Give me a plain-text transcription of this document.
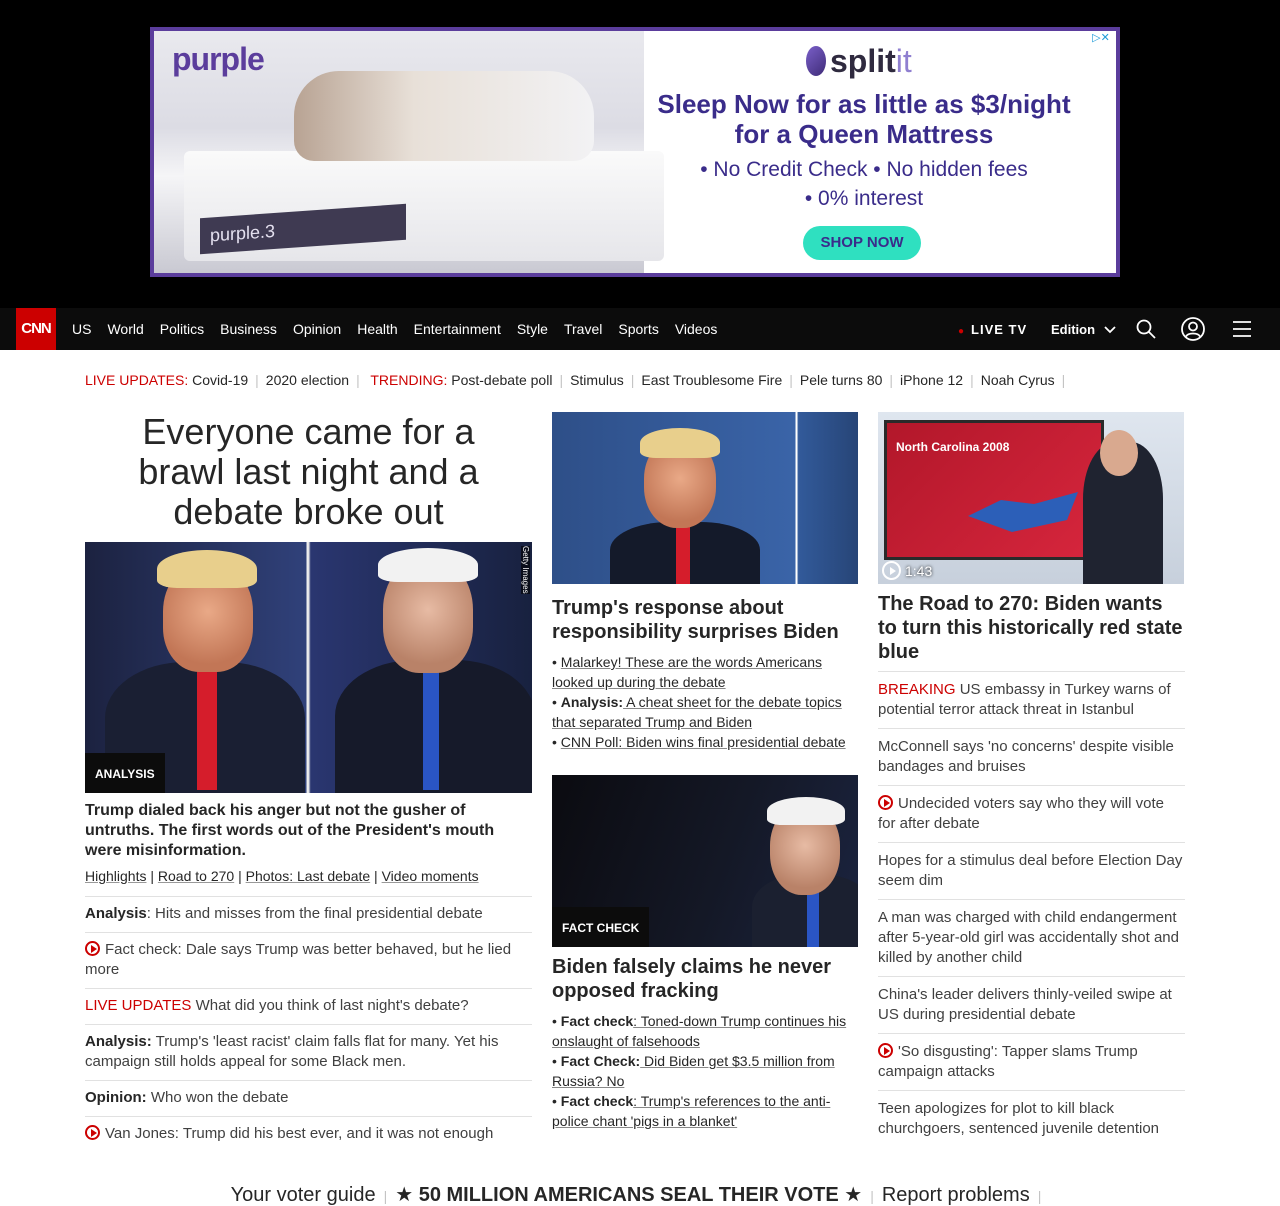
purple
purple.3
splitit
Sleep Now for as little as $3/night for a Queen Mattress
• No Credit Check • No hidden fees
• 0% interest
SHOP NOW
▷✕
CNN	US World Politics Business Opinion Health Entertainment Style Travel Sports Videos	● LIVE TV Edition
LIVE UPDATES: Covid-19 | 2020 election | TRENDING: Post-debate poll | Stimulus | East Troublesome Fire | Pele turns 80 | iPhone 12 | Noah Cyrus |
Everyone came for a brawl last night and a debate broke out
Getty Images
ANALYSIS
Trump dialed back his anger but not the gusher of untruths. The first words out of the President's mouth were misinformation.
Highlights | Road to 270 | Photos: Last debate | Video moments
Analysis: Hits and misses from the final presidential debate
Fact check: Dale says Trump was better behaved, but he lied more
LIVE UPDATES What did you think of last night's debate?
Analysis: Trump's 'least racist' claim falls flat for many. Yet his campaign still holds appeal for some Black men.
Opinion: Who won the debate
Van Jones: Trump did his best ever, and it was not enough
Trump's response about responsibility surprises Biden
• Malarkey! These are the words Americans looked up during the debate
• Analysis: A cheat sheet for the debate topics that separated Trump and Biden
• CNN Poll: Biden wins final presidential debate
FACT CHECK
Biden falsely claims he never opposed fracking
• Fact check: Toned-down Trump continues his onslaught of falsehoods
• Fact Check: Did Biden get $3.5 million from Russia? No
• Fact check: Trump's references to the anti-police chant 'pigs in a blanket'
North Carolina 2008
1:43
The Road to 270: Biden wants to turn this historically red state blue
BREAKING US embassy in Turkey warns of potential terror attack threat in Istanbul
McConnell says 'no concerns' despite visible bandages and bruises
Undecided voters say who they will vote for after debate
Hopes for a stimulus deal before Election Day seem dim
A man was charged with child endangerment after 5-year-old girl was accidentally shot and killed by another child
China's leader delivers thinly-veiled swipe at US during presidential debate
'So disgusting': Tapper slams Trump campaign attacks
Teen apologizes for plot to kill black churchgoers, sentenced juvenile detention
Your voter guide | ★ 50 MILLION AMERICANS SEAL THEIR VOTE ★ | Report problems |
